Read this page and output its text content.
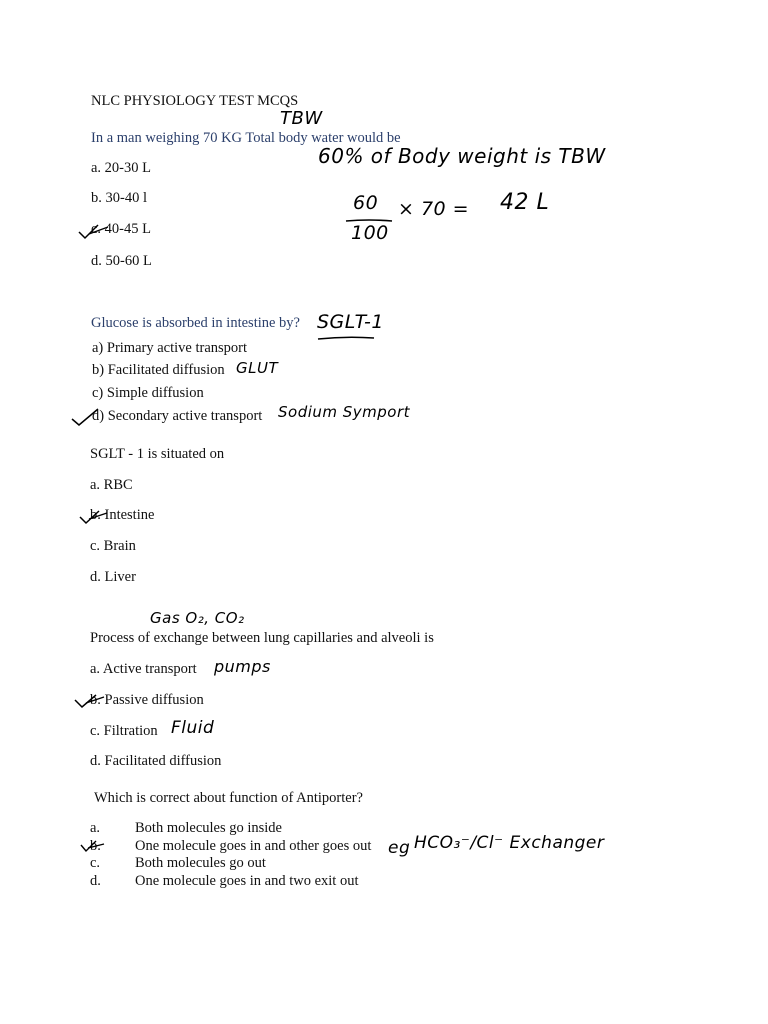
NLC PHYSIOLOGY TEST MCQS
In a man weighing 70 KG Total body water would be
a. 20-30 L
b. 30-40 l
c. 40-45 L
d. 50-60 L
Glucose is absorbed in intestine by?
a) Primary active transport
b) Facilitated diffusion
c) Simple diffusion
d) Secondary active transport
SGLT - 1 is situated on
a. RBC
b. Intestine
c. Brain
d. Liver
Process of exchange between lung capillaries and alveoli is
a. Active transport
b. Passive diffusion
c. Filtration
d. Facilitated diffusion
Which is correct about function of Antiporter?
a. Both molecules go inside
b. One molecule goes in and other goes out
c. Both molecules go out
d. One molecule goes in and two exit out
TBW
60% of Body weight is TBW
60
100
× 70 = 42 L
SGLT-1
GLUT
Sodium Symport
Gas O₂, CO₂
pumps
Fluid
eg HCO₃⁻/Cl⁻ Exchanger
